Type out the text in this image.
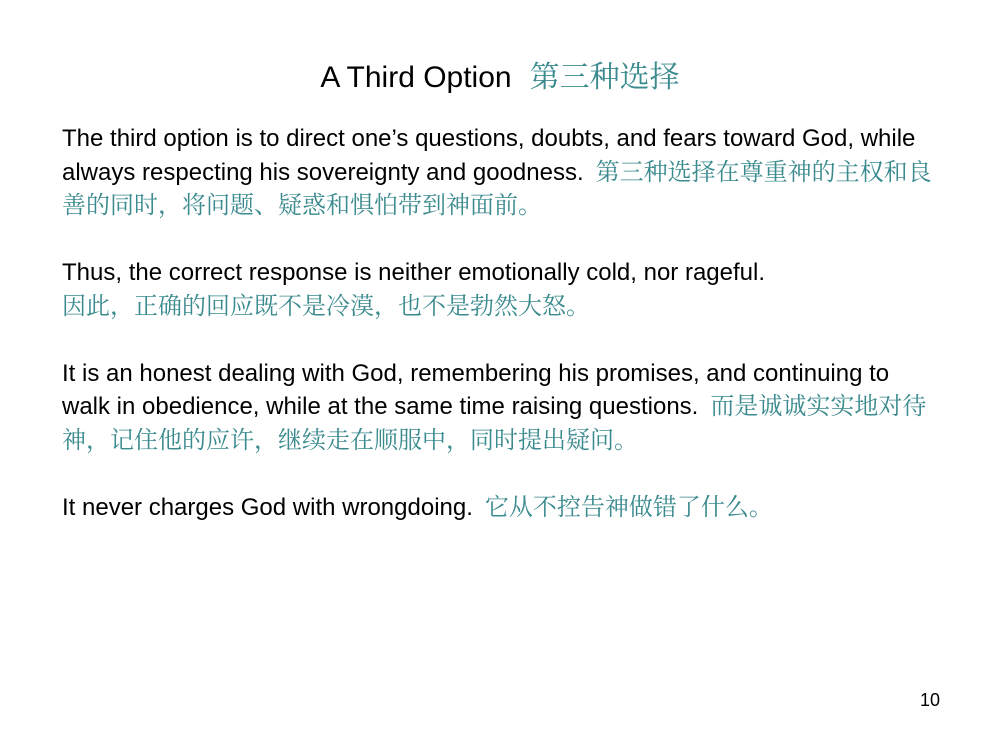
A Third Option 第三种选择

The third option is to direct one’s questions, doubts, and fears toward God, while always respecting his sovereignty and goodness. 第三种选择在尊重神的主权和良善的同时，将问题、疑惑和惧怕带到神面前。

Thus, the correct response is neither emotionally cold, nor rageful.
因此，正确的回应既不是冷漠，也不是勃然大怒。

It is an honest dealing with God, remembering his promises, and continuing to walk in obedience, while at the same time raising questions. 而是诚诚实实地对待神，记住他的应许，继续走在顺服中，同时提出疑问。

It never charges God with wrongdoing. 它从不控告神做错了什么。

10
